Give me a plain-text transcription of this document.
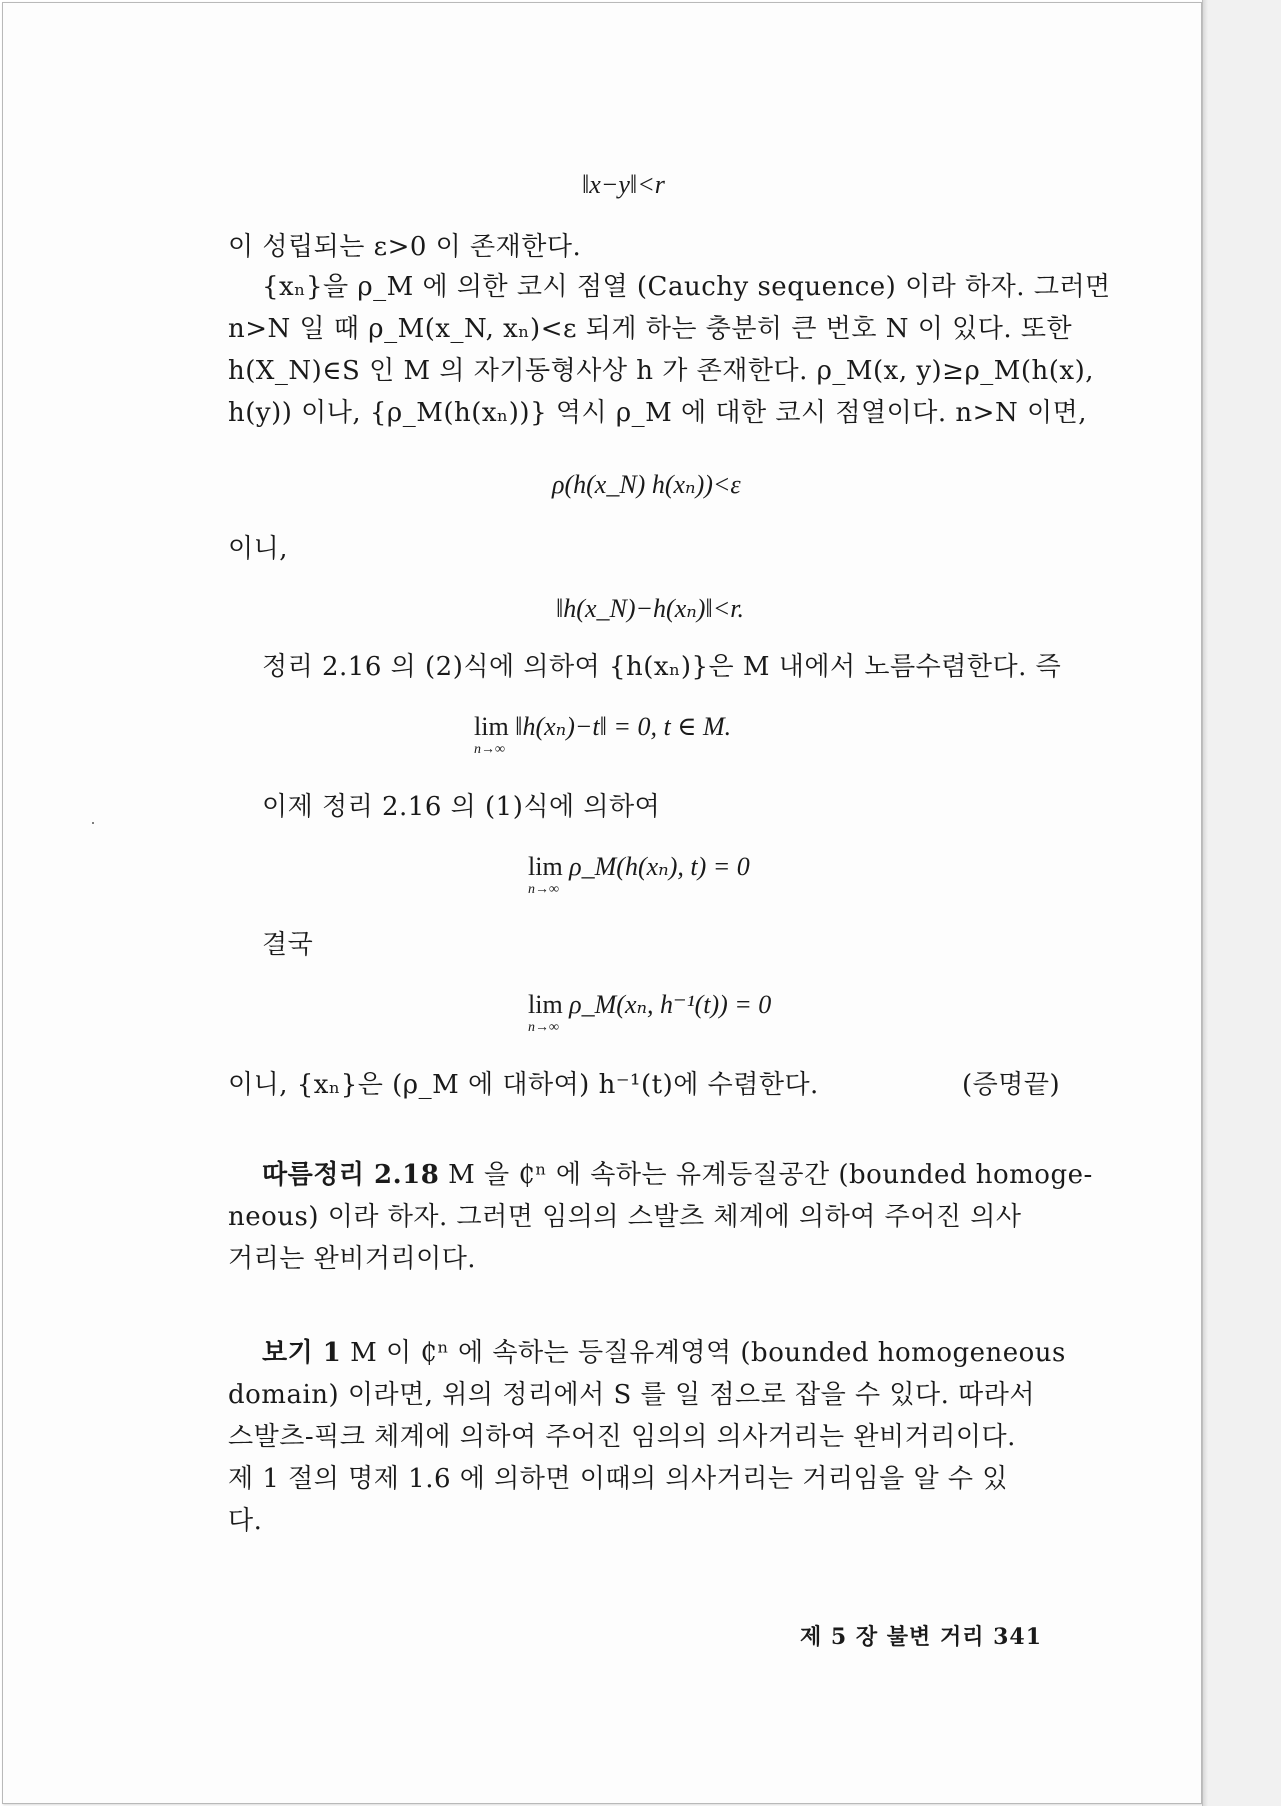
‖x−y‖<r
이 성립되는 ε>0 이 존재한다.
{xₙ}을 ρ_M 에 의한 코시 점열 (Cauchy sequence) 이라 하자. 그러면
n>N 일 때 ρ_M(x_N, xₙ)<ε 되게 하는 충분히 큰 번호 N 이 있다. 또한
h(X_N)∈S 인 M 의 자기동형사상 h 가 존재한다. ρ_M(x, y)≥ρ_M(h(x),
h(y)) 이나, {ρ_M(h(xₙ))} 역시 ρ_M 에 대한 코시 점열이다. n>N 이면,
ρ(h(x_N) h(xₙ))<ε
이니,
‖h(x_N)−h(xₙ)‖<r.
정리 2.16 의 (2)식에 의하여 {h(xₙ)}은 M 내에서 노름수렴한다. 즉
lim ‖h(xₙ)−t‖ = 0, t ∈ M.
n→∞
이제 정리 2.16 의 (1)식에 의하여
lim ρ_M(h(xₙ), t) = 0
n→∞
결국
lim ρ_M(xₙ, h⁻¹(t)) = 0
n→∞
이니, {xₙ}은 (ρ_M 에 대하여) h⁻¹(t)에 수렴한다.	(증명끝)
따름정리 2.18 M 을 ₵ⁿ 에 속하는 유계등질공간 (bounded homoge-
neous) 이라 하자. 그러면 임의의 스발츠 체계에 의하여 주어진 의사
거리는 완비거리이다.
보기 1 M 이 ₵ⁿ 에 속하는 등질유계영역 (bounded homogeneous
domain) 이라면, 위의 정리에서 S 를 일 점으로 잡을 수 있다. 따라서
스발츠-픽크 체계에 의하여 주어진 임의의 의사거리는 완비거리이다.
제 1 절의 명제 1.6 에 의하면 이때의 의사거리는 거리임을 알 수 있
다.
제 5 장 불변 거리 341
